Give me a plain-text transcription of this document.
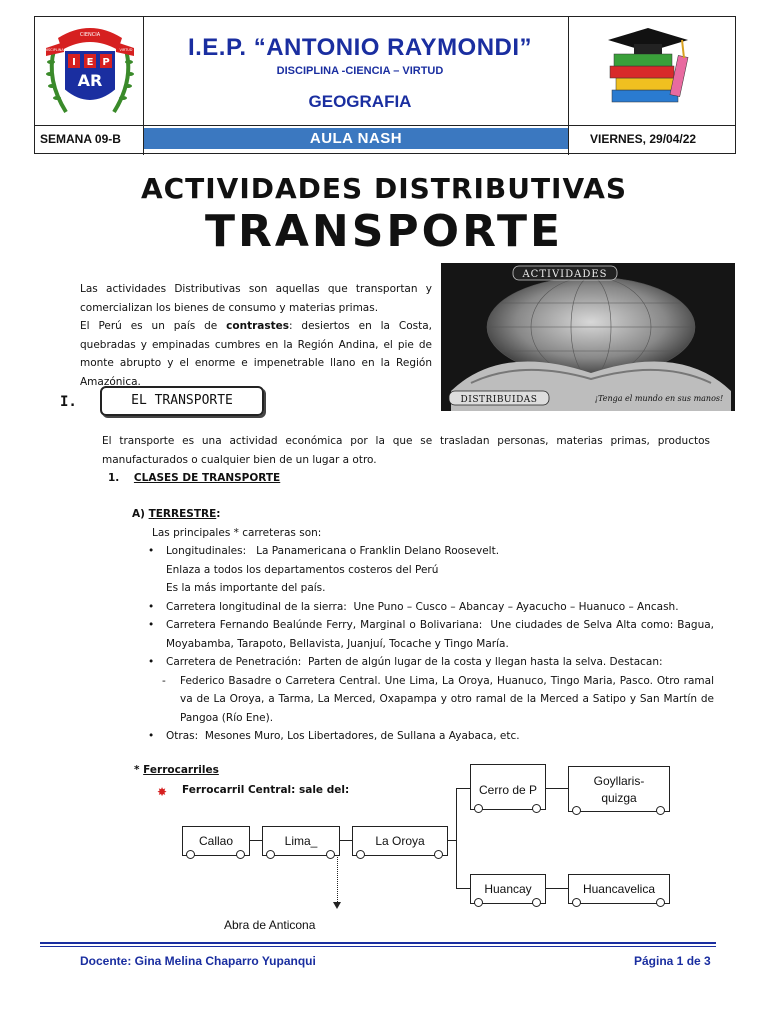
CIENCIA
I E P
AR
DISCIPLINA	VIRTUD	I.E.P. “ANTONIO RAYMONDI”
DISCIPLINA -CIENCIA – VIRTUD
GEOGRAFIA
SEMANA 09-B	AULA NASH	VIERNES, 29/04/22
ACTIVIDADES DISTRIBUTIVAS
TRANSPORTE
Las actividades Distributivas son aquellas que transportan y comercializan los bienes de consumo y materias primas.
El Perú es un país de contrastes: desiertos en la Costa, quebradas y empinadas cumbres en la Región Andina, el pie de monte abrupto y el enorme e impenetrable llano en la Región Amazónica.
ACTIVIDADES
DISTRIBUIDAS	¡Tenga el mundo en sus manos!
I.	EL TRANSPORTE
El transporte es una actividad económica por la que se trasladan personas, materias primas, productos manufacturados o cualquier bien de un lugar a otro.
1. CLASES DE TRANSPORTE
A) TERRESTRE:
Las principales * carreteras son:
•	Longitudinales: La Panamericana o Franklin Delano Roosevelt.
Enlaza a todos los departamentos costeros del Perú
Es la más importante del país.
•	Carretera longitudinal de la sierra: Une Puno – Cusco – Abancay – Ayacucho – Huanuco – Ancash.
•	Carretera Fernando Bealúnde Ferry, Marginal o Bolivariana: Une ciudades de Selva Alta como: Bagua, Moyabamba, Tarapoto, Bellavista, Juanjuí, Tocache y Tingo María.
•	Carretera de Penetración: Parten de algún lugar de la costa y llegan hasta la selva. Destacan:
-	Federico Basadre o Carretera Central. Une Lima, La Oroya, Huanuco, Tingo Maria, Pasco. Otro ramal va de La Oroya, a Tarma, La Merced, Oxapampa y otro ramal de la Merced a Satipo y San Martín de Pangoa (Río Ene).
•	Otras: Mesones Muro, Los Libertadores, de Sullana a Ayabaca, etc.
* Ferrocarriles
✸ Ferrocarril Central: sale del:
Callao	Lima_	La Oroya
Cerro de P
Goyllaris-quizga
Huancay	Huancavelica
Abra de Anticona
Docente: Gina Melina Chaparro Yupanqui	Página 1 de 3
